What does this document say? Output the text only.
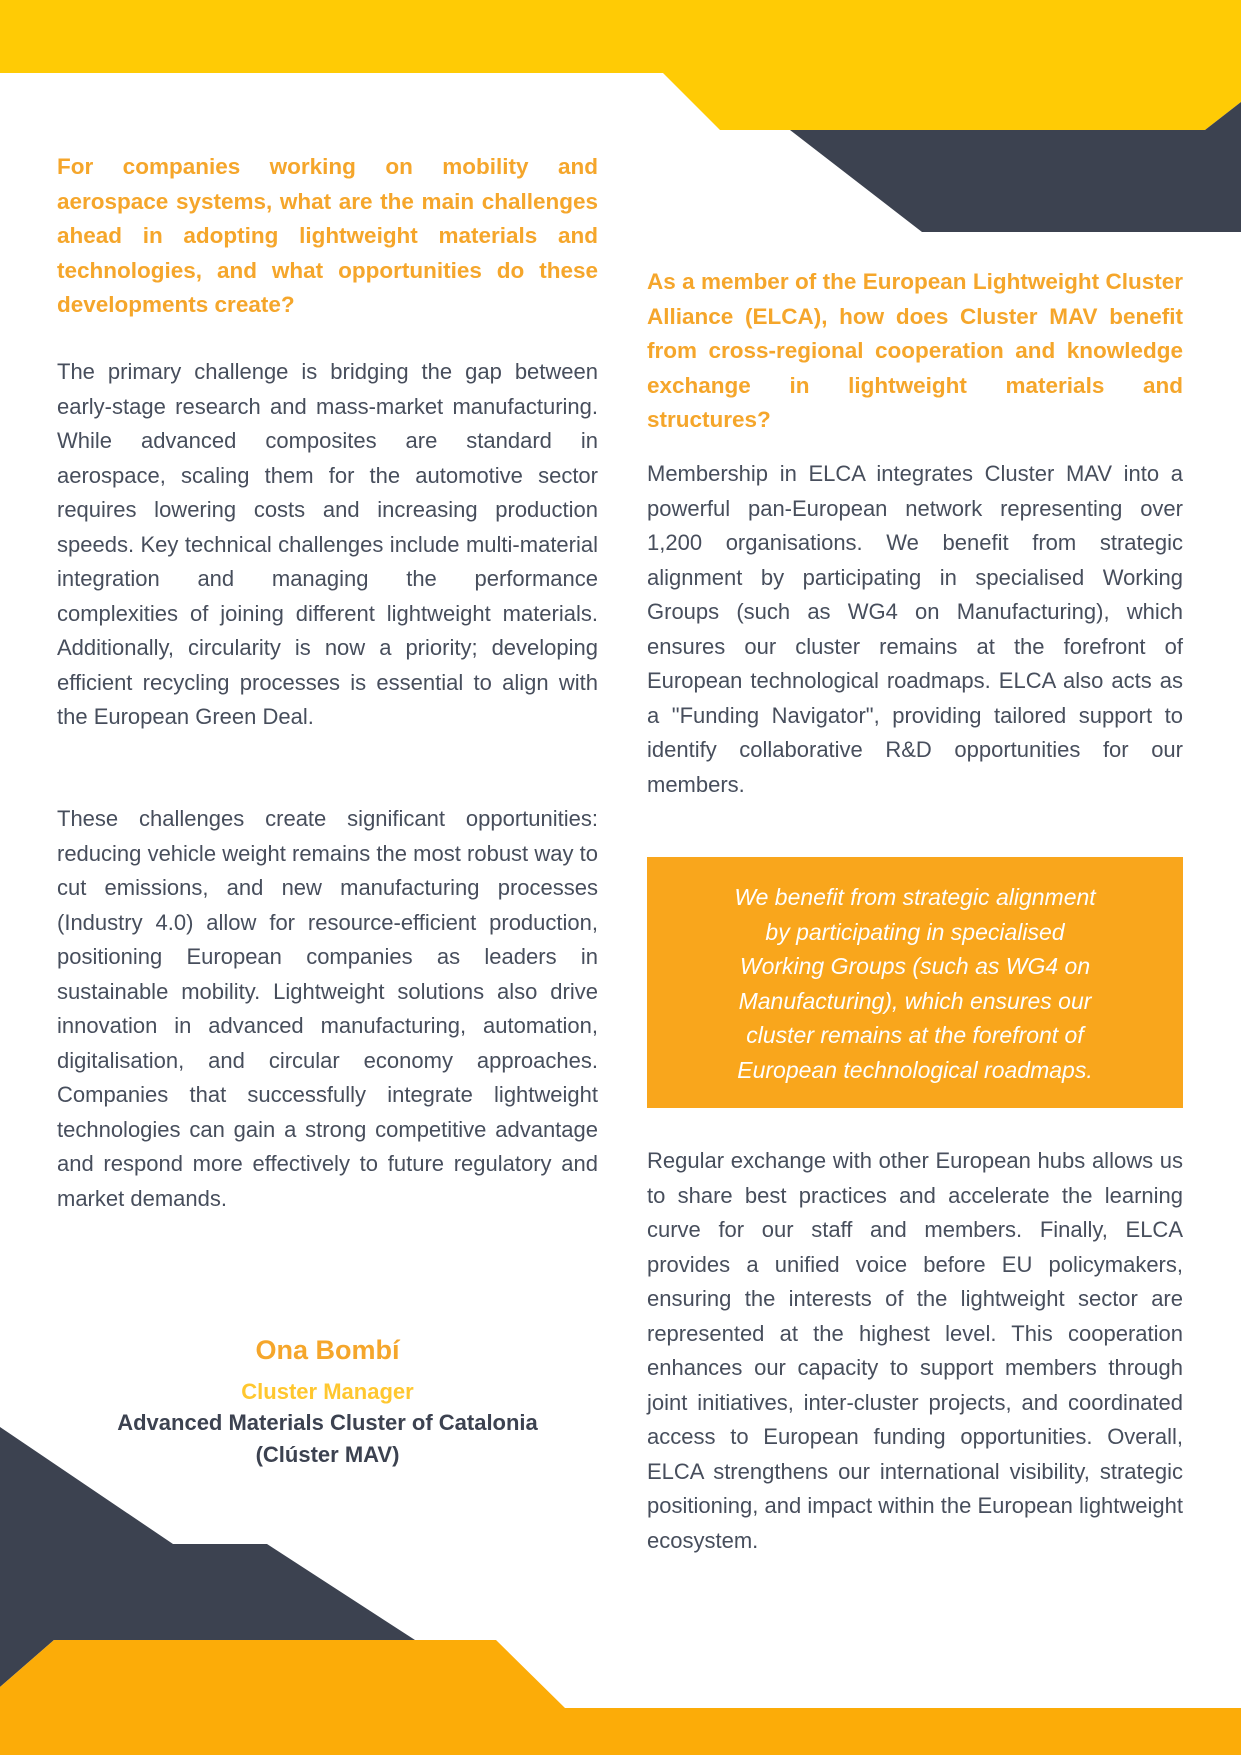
For companies working on mobility and aerospace systems, what are the main challenges ahead in adopting lightweight materials and technologies, and what opportunities do these developments create?
The primary challenge is bridging the gap between early-stage research and mass-market manufacturing. While advanced composites are standard in aerospace, scaling them for the automotive sector requires lowering costs and increasing production speeds. Key technical challenges include multi-material integration and managing the performance complexities of joining different lightweight materials. Additionally, circularity is now a priority; developing efficient recycling processes is essential to align with the European Green Deal.
These challenges create significant opportunities: reducing vehicle weight remains the most robust way to cut emissions, and new manufacturing processes (Industry 4.0) allow for resource-efficient production, positioning European companies as leaders in sustainable mobility. Lightweight solutions also drive innovation in advanced manufacturing, automation, digitalisation, and circular economy approaches. Companies that successfully integrate lightweight technologies can gain a strong competitive advantage and respond more effectively to future regulatory and market demands.
Ona Bombí
Cluster Manager
Advanced Materials Cluster of Catalonia
(Clúster MAV)
As a member of the European Lightweight Cluster Alliance (ELCA), how does Cluster MAV benefit from cross-regional cooperation and knowledge exchange in lightweight materials and structures?
Membership in ELCA integrates Cluster MAV into a powerful pan-European network representing over 1,200 organisations. We benefit from strategic alignment by participating in specialised Working Groups (such as WG4 on Manufacturing), which ensures our cluster remains at the forefront of European technological roadmaps. ELCA also acts as a "Funding Navigator", providing tailored support to identify collaborative R&D opportunities for our members.
We benefit from strategic alignment
by participating in specialised
Working Groups (such as WG4 on
Manufacturing), which ensures our
cluster remains at the forefront of
European technological roadmaps.
Regular exchange with other European hubs allows us to share best practices and accelerate the learning curve for our staff and members. Finally, ELCA provides a unified voice before EU policymakers, ensuring the interests of the lightweight sector are represented at the highest level. This cooperation enhances our capacity to support members through joint initiatives, inter-cluster projects, and coordinated access to European funding opportunities. Overall, ELCA strengthens our international visibility, strategic positioning, and impact within the European lightweight ecosystem.
